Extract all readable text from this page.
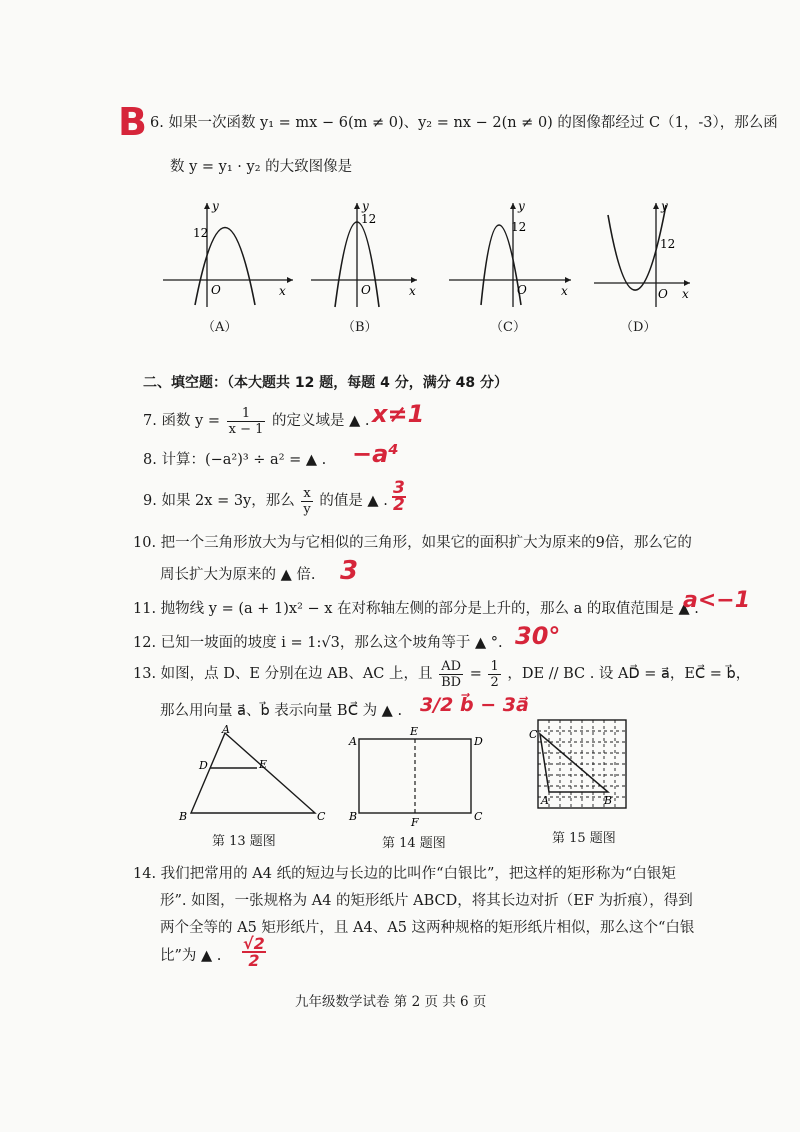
B 6. 如果一次函数 y₁ = mx − 6(m ≠ 0)、y₂ = nx − 2(n ≠ 0) 的图像都经过 C（1，-3），那么函
数 y = y₁ · y₂ 的大致图像是
y
x
12
O
（A）
y
x
12
O
（B）
y
x
12
O
（C）
y
x
12
O
（D）
二、填空题：（本大题共 12 题，每题 4 分，满分 48 分）
7. 函数 $y = \frac{1}{x - 1}$ 的定义域是 ▲ . x≠1
8. 计算：(−a²)³ ÷ a² = ▲ . −a⁴
9. 如果 2x = 3y，那么 $\frac{x}{y}$ 的值是 ▲ . $\frac{3}{2}$
10. 把一个三角形放大为与它相似的三角形，如果它的面积扩大为原来的9倍，那么它的
周长扩大为原来的 ▲ 倍. 3
11. 抛物线 y = (a + 1)x² − x 在对称轴左侧的部分是上升的，那么 a 的取值范围是 ▲ .
a<−1
12. 已知一坡面的坡度 i = 1:√3，那么这个坡角等于 ▲ °. 30°
13. 如图，点 D、E 分别在边 AB、AC 上，且 $\frac{AD}{BD} = \frac{1}{2}$ ，DE // BC . 设 AD⃗ = a⃗，EC⃗ = b⃗，
那么用向量 a⃗、b⃗ 表示向量 BC⃗ 为 ▲ . 3/2 b⃗ − 3a⃗
A
D	E
B	C
第 13 题图
A
E
D
B	F	C
第 14 题图
C
A	B
第 15 题图
14. 我们把常用的 A4 纸的短边与长边的比叫作“白银比”，把这样的矩形称为“白银矩
形”. 如图，一张规格为 A4 的矩形纸片 ABCD，将其长边对折（EF 为折痕），得到
两个全等的 A5 矩形纸片，且 A4、A5 这两种规格的矩形纸片相似，那么这个“白银
比”为 ▲ . $\frac{√2}{2}$
九年级数学试卷 第 2 页 共 6 页
